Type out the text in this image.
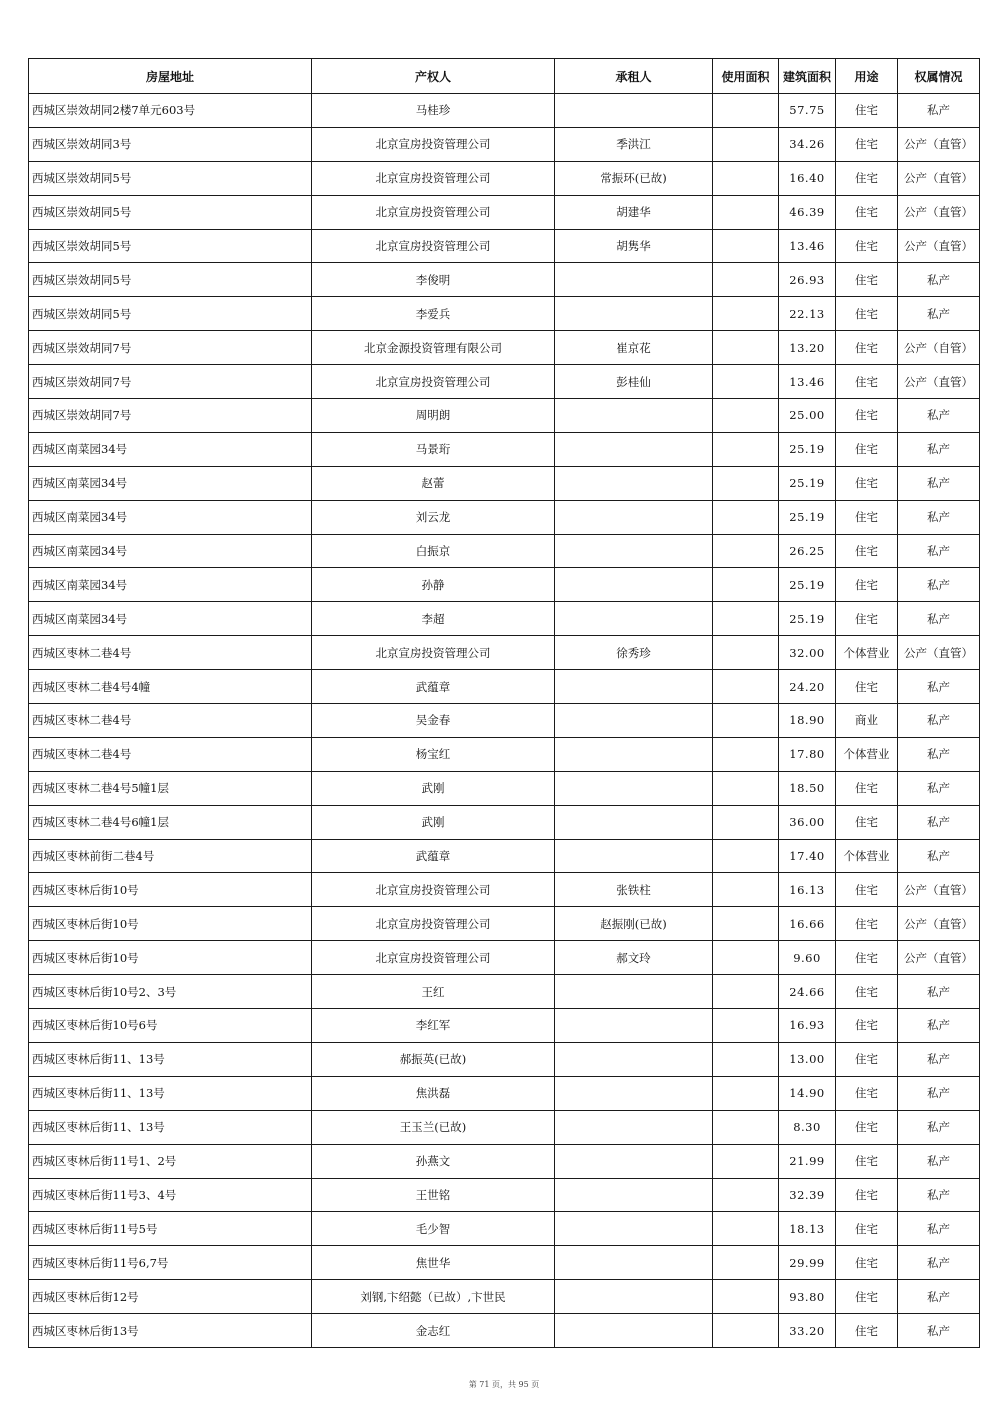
房屋地址	产权人	承租人	使用面积	建筑面积	用途	权属情况
西城区崇效胡同2楼7单元603号	马桂珍			57.75	住宅	私产
西城区崇效胡同3号	北京宣房投资管理公司	季洪江		34.26	住宅	公产（直管）
西城区崇效胡同5号	北京宣房投资管理公司	常振环(已故)		16.40	住宅	公产（直管）
西城区崇效胡同5号	北京宣房投资管理公司	胡建华		46.39	住宅	公产（直管）
西城区崇效胡同5号	北京宣房投资管理公司	胡隽华		13.46	住宅	公产（直管）
西城区崇效胡同5号	李俊明			26.93	住宅	私产
西城区崇效胡同5号	李爱兵			22.13	住宅	私产
西城区崇效胡同7号	北京金源投资管理有限公司	崔京花		13.20	住宅	公产（自管）
西城区崇效胡同7号	北京宣房投资管理公司	彭桂仙		13.46	住宅	公产（直管）
西城区崇效胡同7号	周明朗			25.00	住宅	私产
西城区南菜园34号	马景珩			25.19	住宅	私产
西城区南菜园34号	赵蕾			25.19	住宅	私产
西城区南菜园34号	刘云龙			25.19	住宅	私产
西城区南菜园34号	白振京			26.25	住宅	私产
西城区南菜园34号	孙静			25.19	住宅	私产
西城区南菜园34号	李超			25.19	住宅	私产
西城区枣林二巷4号	北京宣房投资管理公司	徐秀珍		32.00	个体营业	公产（直管）
西城区枣林二巷4号4幢	武蕴章			24.20	住宅	私产
西城区枣林二巷4号	吴金春			18.90	商业	私产
西城区枣林二巷4号	杨宝红			17.80	个体营业	私产
西城区枣林二巷4号5幢1层	武刚			18.50	住宅	私产
西城区枣林二巷4号6幢1层	武刚			36.00	住宅	私产
西城区枣林前街二巷4号	武蕴章			17.40	个体营业	私产
西城区枣林后街10号	北京宣房投资管理公司	张铁柱		16.13	住宅	公产（直管）
西城区枣林后街10号	北京宣房投资管理公司	赵振刚(已故)		16.66	住宅	公产（直管）
西城区枣林后街10号	北京宣房投资管理公司	郝文玲		9.60	住宅	公产（直管）
西城区枣林后街10号2、3号	王红			24.66	住宅	私产
西城区枣林后街10号6号	李红军			16.93	住宅	私产
西城区枣林后街11、13号	郝振英(已故)			13.00	住宅	私产
西城区枣林后街11、13号	焦洪磊			14.90	住宅	私产
西城区枣林后街11、13号	王玉兰(已故)			8.30	住宅	私产
西城区枣林后街11号1、2号	孙燕文			21.99	住宅	私产
西城区枣林后街11号3、4号	王世铭			32.39	住宅	私产
西城区枣林后街11号5号	毛少智			18.13	住宅	私产
西城区枣林后街11号6,7号	焦世华			29.99	住宅	私产
西城区枣林后街12号	刘钢,卞绍懿（已故）,卞世民			93.80	住宅	私产
西城区枣林后街13号	金志红			33.20	住宅	私产
第 71 页，共 95 页
